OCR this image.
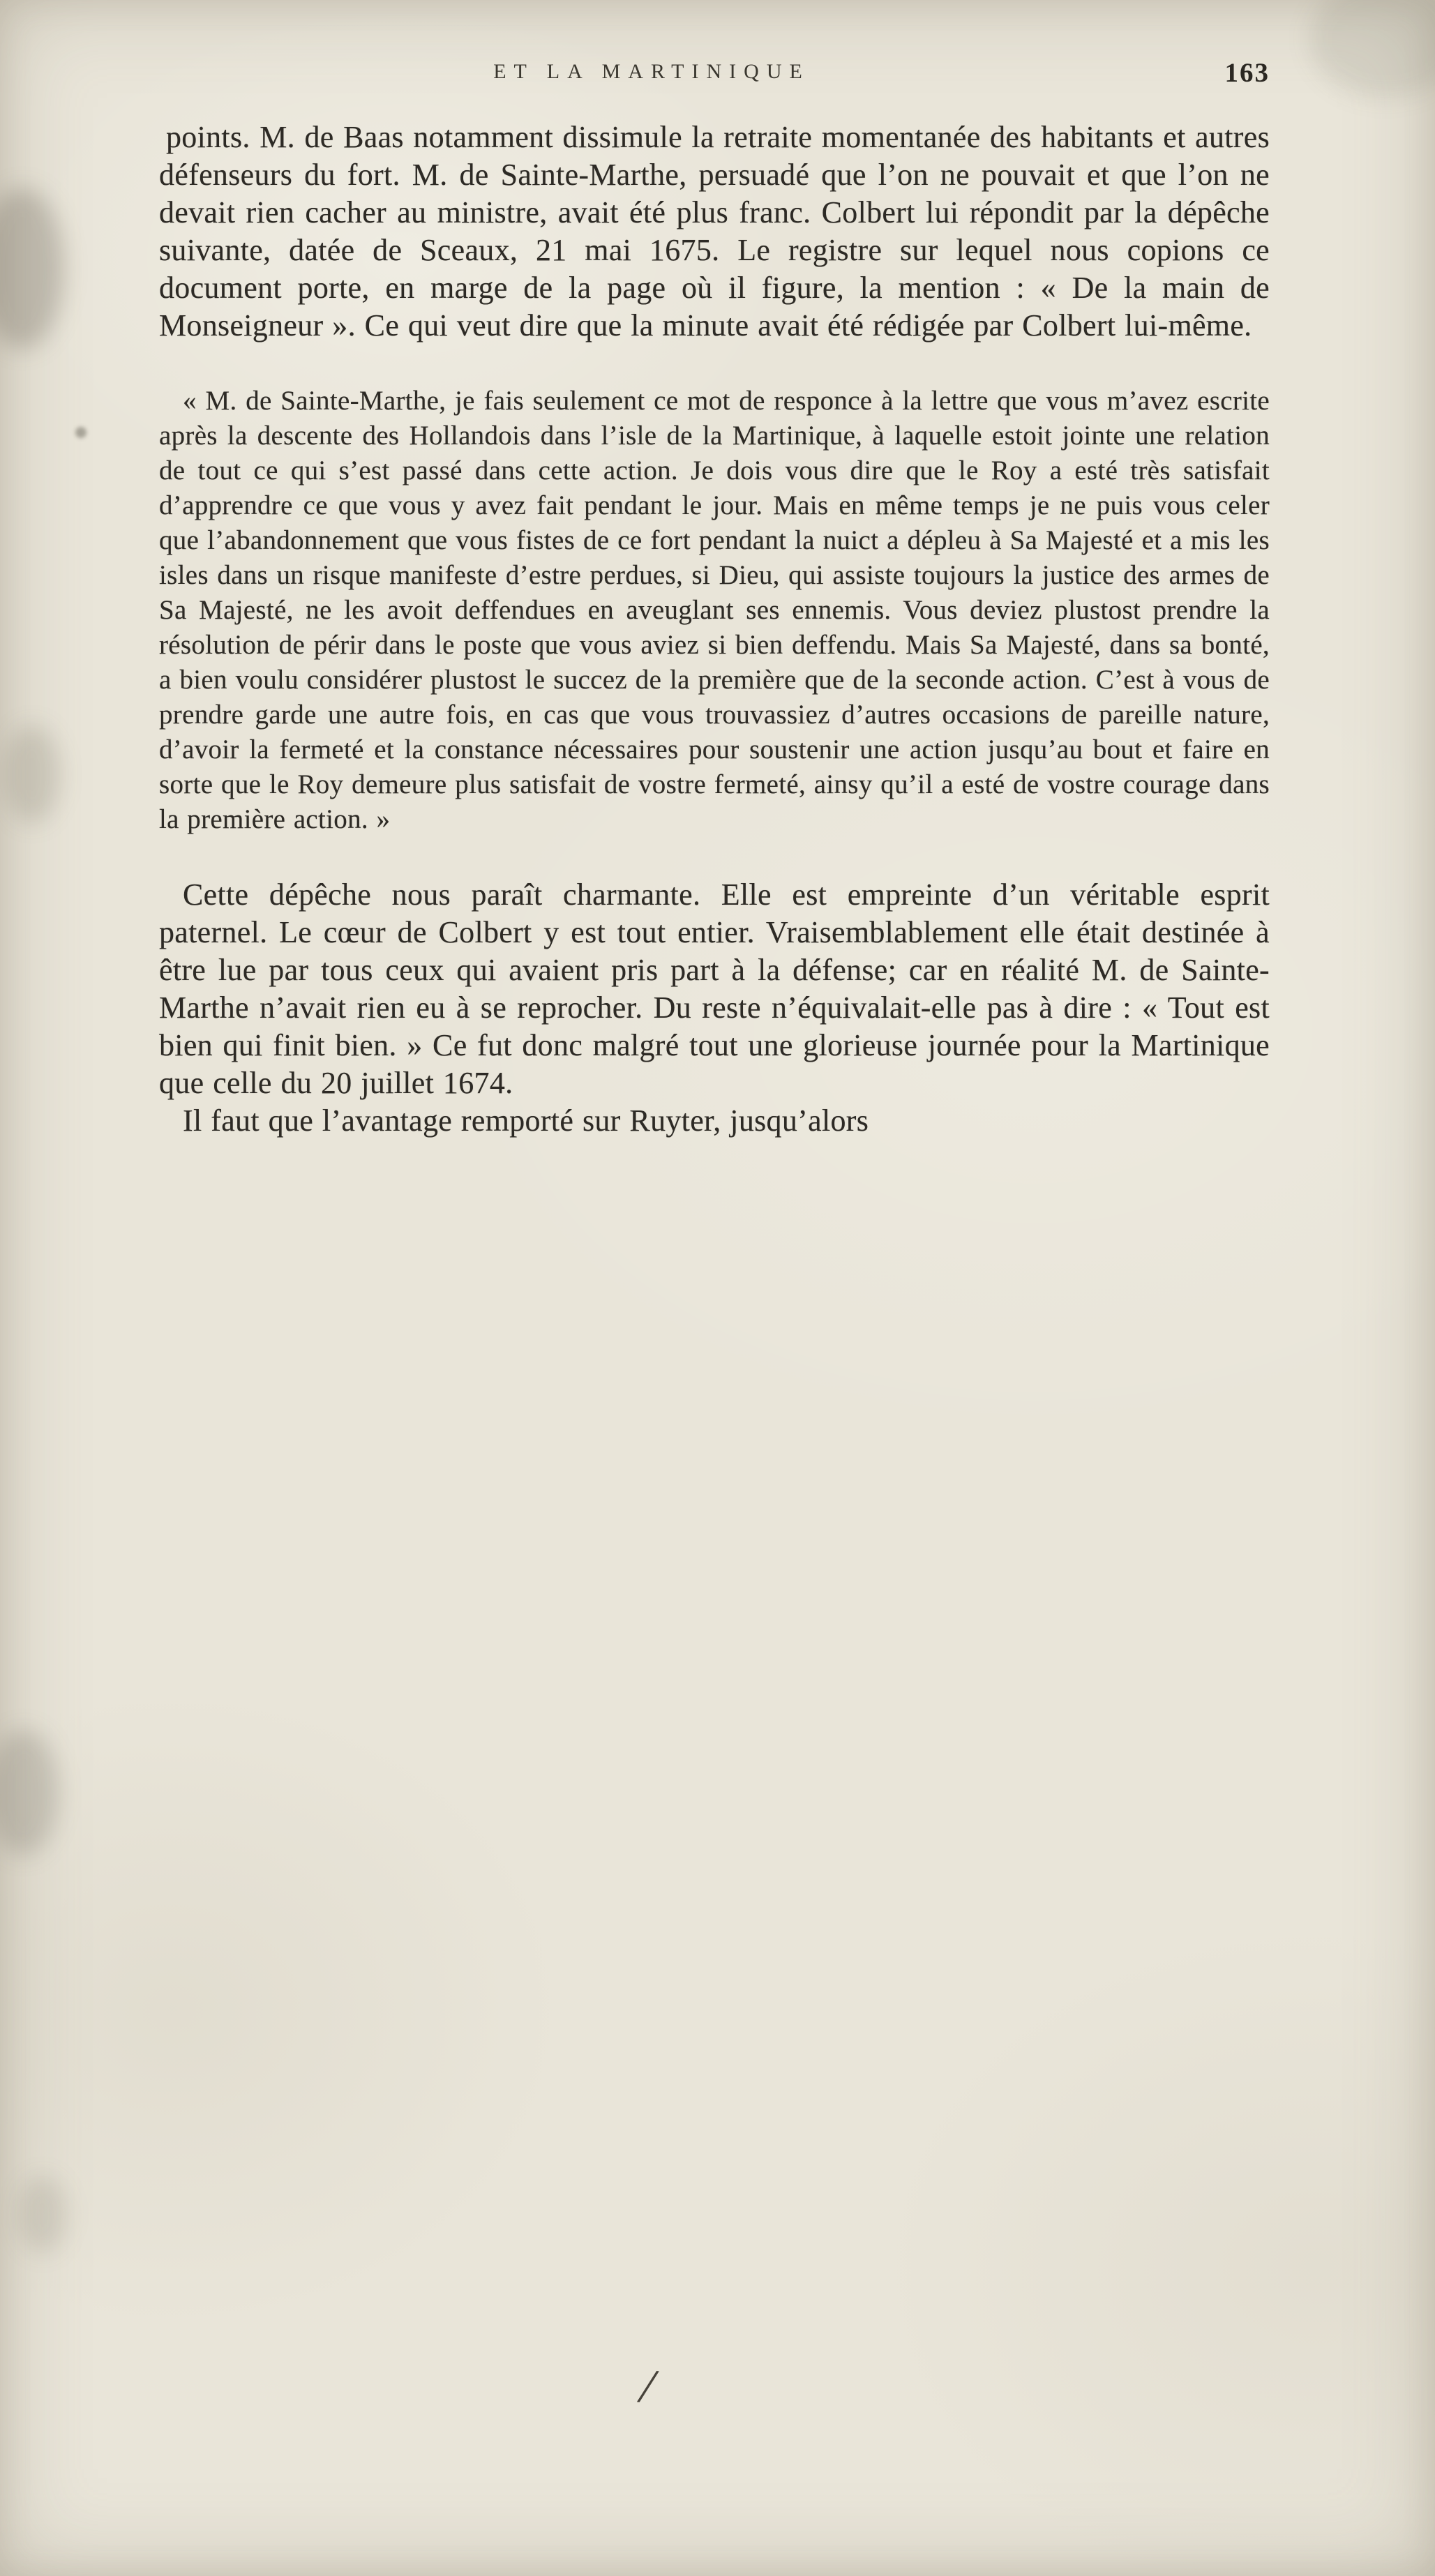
ET LA MARTINIQUE	163

points. M. de Baas notamment dissimule la retraite momentanée des habitants et autres défenseurs du fort. M. de Sainte-Marthe, persuadé que l’on ne pouvait et que l’on ne devait rien cacher au ministre, avait été plus franc. Colbert lui répondit par la dépêche suivante, datée de Sceaux, 21 mai 1675. Le registre sur lequel nous copions ce document porte, en marge de la page où il figure, la mention : « De la main de Monseigneur ». Ce qui veut dire que la minute avait été rédigée par Colbert lui-même.

« M. de Sainte-Marthe, je fais seulement ce mot de responce à la lettre que vous m’avez escrite après la descente des Hollandois dans l’isle de la Martinique, à laquelle estoit jointe une relation de tout ce qui s’est passé dans cette action. Je dois vous dire que le Roy a esté très satisfait d’apprendre ce que vous y avez fait pendant le jour. Mais en même temps je ne puis vous celer que l’abandonnement que vous fistes de ce fort pendant la nuict a dépleu à Sa Majesté et a mis les isles dans un risque manifeste d’estre perdues, si Dieu, qui assiste toujours la justice des armes de Sa Majesté, ne les avoit deffendues en aveuglant ses ennemis. Vous deviez plustost prendre la résolution de périr dans le poste que vous aviez si bien deffendu. Mais Sa Majesté, dans sa bonté, a bien voulu considérer plustost le succez de la première que de la seconde action. C’est à vous de prendre garde une autre fois, en cas que vous trouvassiez d’autres occasions de pareille nature, d’avoir la fermeté et la constance nécessaires pour soustenir une action jusqu’au bout et faire en sorte que le Roy demeure plus satisfait de vostre fermeté, ainsy qu’il a esté de vostre courage dans la première action. »

Cette dépêche nous paraît charmante. Elle est empreinte d’un véritable esprit paternel. Le cœur de Colbert y est tout entier. Vraisemblablement elle était destinée à être lue par tous ceux qui avaient pris part à la défense; car en réalité M. de Sainte-Marthe n’avait rien eu à se reprocher. Du reste n’équivalait-elle pas à dire : « Tout est bien qui finit bien. » Ce fut donc malgré tout une glorieuse journée pour la Martinique que celle du 20 juillet 1674.

Il faut que l’avantage remporté sur Ruyter, jusqu’alors

/
